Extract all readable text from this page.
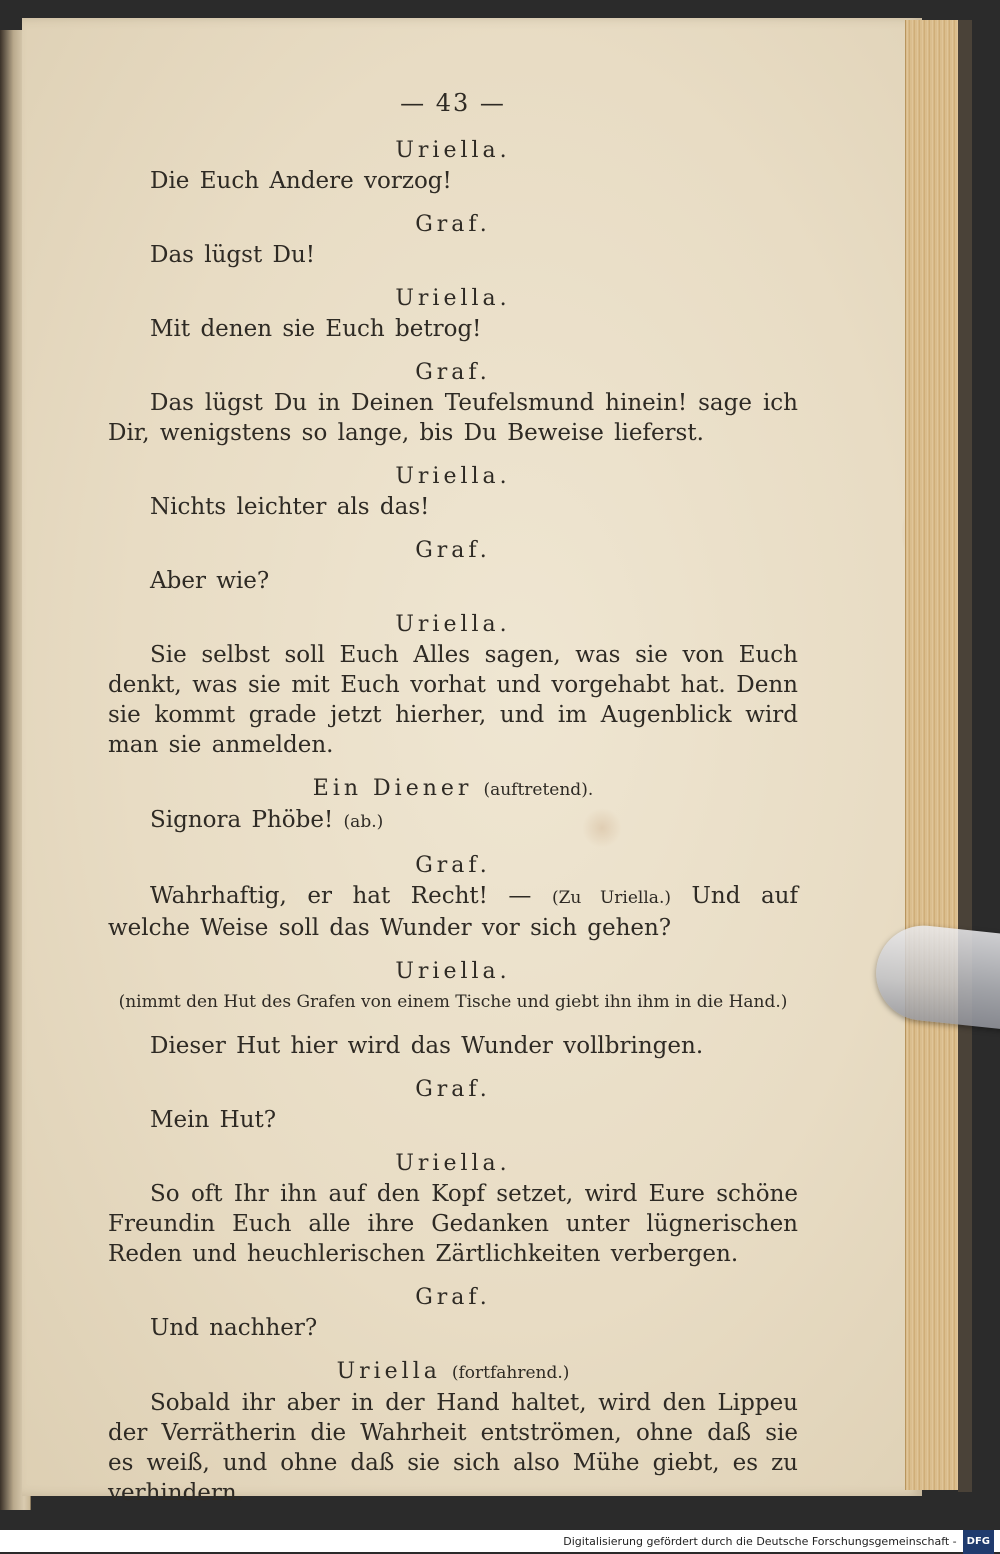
— 43 —
Uriella.
Die Euch Andere vorzog!
Graf.
Das lügst Du!
Uriella.
Mit denen sie Euch betrog!
Graf.
Das lügst Du in Deinen Teufelsmund hinein! sage ich Dir, wenigstens so lange, bis Du Beweise lieferst.
Uriella.
Nichts leichter als das!
Graf.
Aber wie?
Uriella.
Sie selbst soll Euch Alles sagen, was sie von Euch denkt, was sie mit Euch vorhat und vorgehabt hat. Denn sie kommt grade jetzt hierher, und im Augenblick wird man sie anmelden.
Ein Diener (auftretend).
Signora Phöbe! (ab.)
Graf.
Wahrhaftig, er hat Recht! — (Zu Uriella.) Und auf welche Weise soll das Wunder vor sich gehen?
Uriella.
(nimmt den Hut des Grafen von einem Tische und giebt ihn ihm in die Hand.)
Dieser Hut hier wird das Wunder vollbringen.
Graf.
Mein Hut?
Uriella.
So oft Ihr ihn auf den Kopf setzet, wird Eure schöne Freundin Euch alle ihre Gedanken unter lügnerischen Reden und heuchlerischen Zärtlichkeiten verbergen.
Graf.
Und nachher?
Uriella (fortfahrend.)
Sobald ihr aber in der Hand haltet, wird den Lippeu der Verrätherin die Wahrheit entströmen, ohne daß sie es weiß, und ohne daß sie sich also Mühe giebt, es zu verhindern.
Digitalisierung gefördert durch die Deutsche Forschungsgemeinschaft - DFG
